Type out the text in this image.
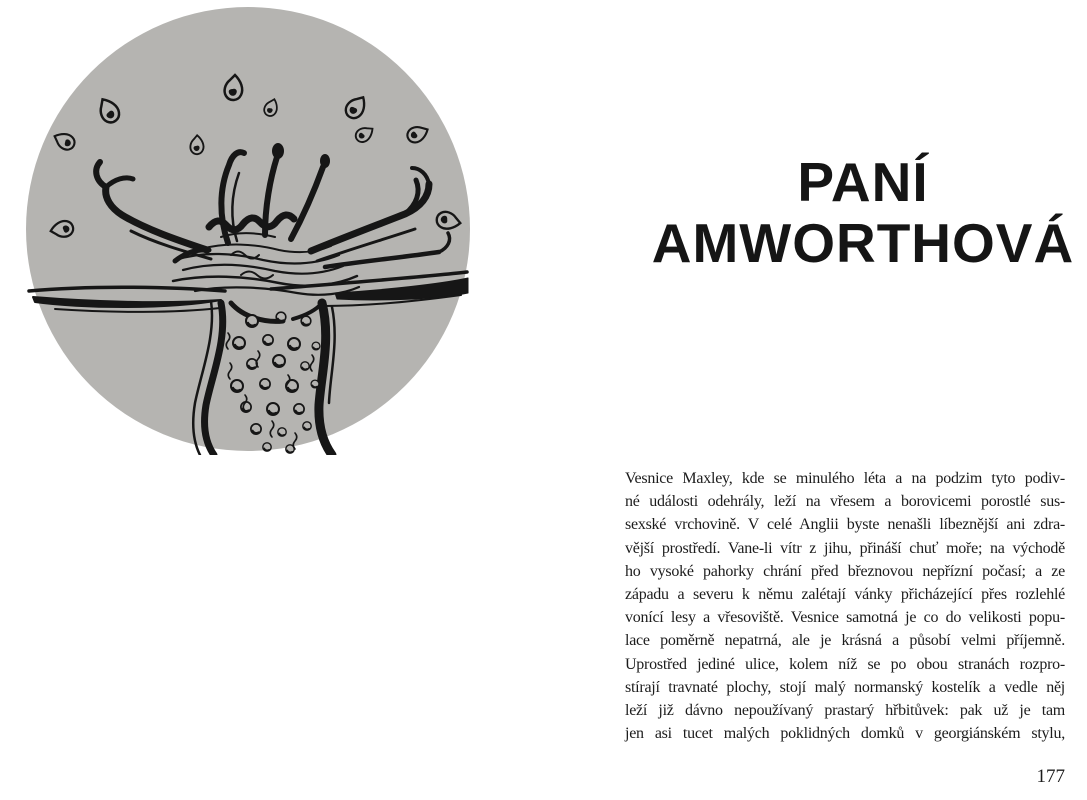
PANÍ
AMWORTHOVÁ
Vesnice Maxley, kde se minulého léta a na podzim tyto podiv-
né události odehrály, leží na vřesem a borovicemi porostlé sus-
sexské vrchovině. V celé Anglii byste nenašli líbeznější ani zdra-
vější prostředí. Vane-li vítr z jihu, přináší chuť moře; na východě
ho vysoké pahorky chrání před březnovou nepřízní počasí; a ze
západu a severu k němu zalétají vánky přicházející přes rozlehlé
vonící lesy a vřesoviště. Vesnice samotná je co do velikosti popu-
lace poměrně nepatrná, ale je krásná a působí velmi příjemně.
Uprostřed jediné ulice, kolem níž se po obou stranách rozpro-
stírají travnaté plochy, stojí malý normanský kostelík a vedle něj
leží již dávno nepoužívaný prastarý hřbitůvek: pak už je tam
jen asi tucet malých poklidných domků v georgiánském stylu,
177
